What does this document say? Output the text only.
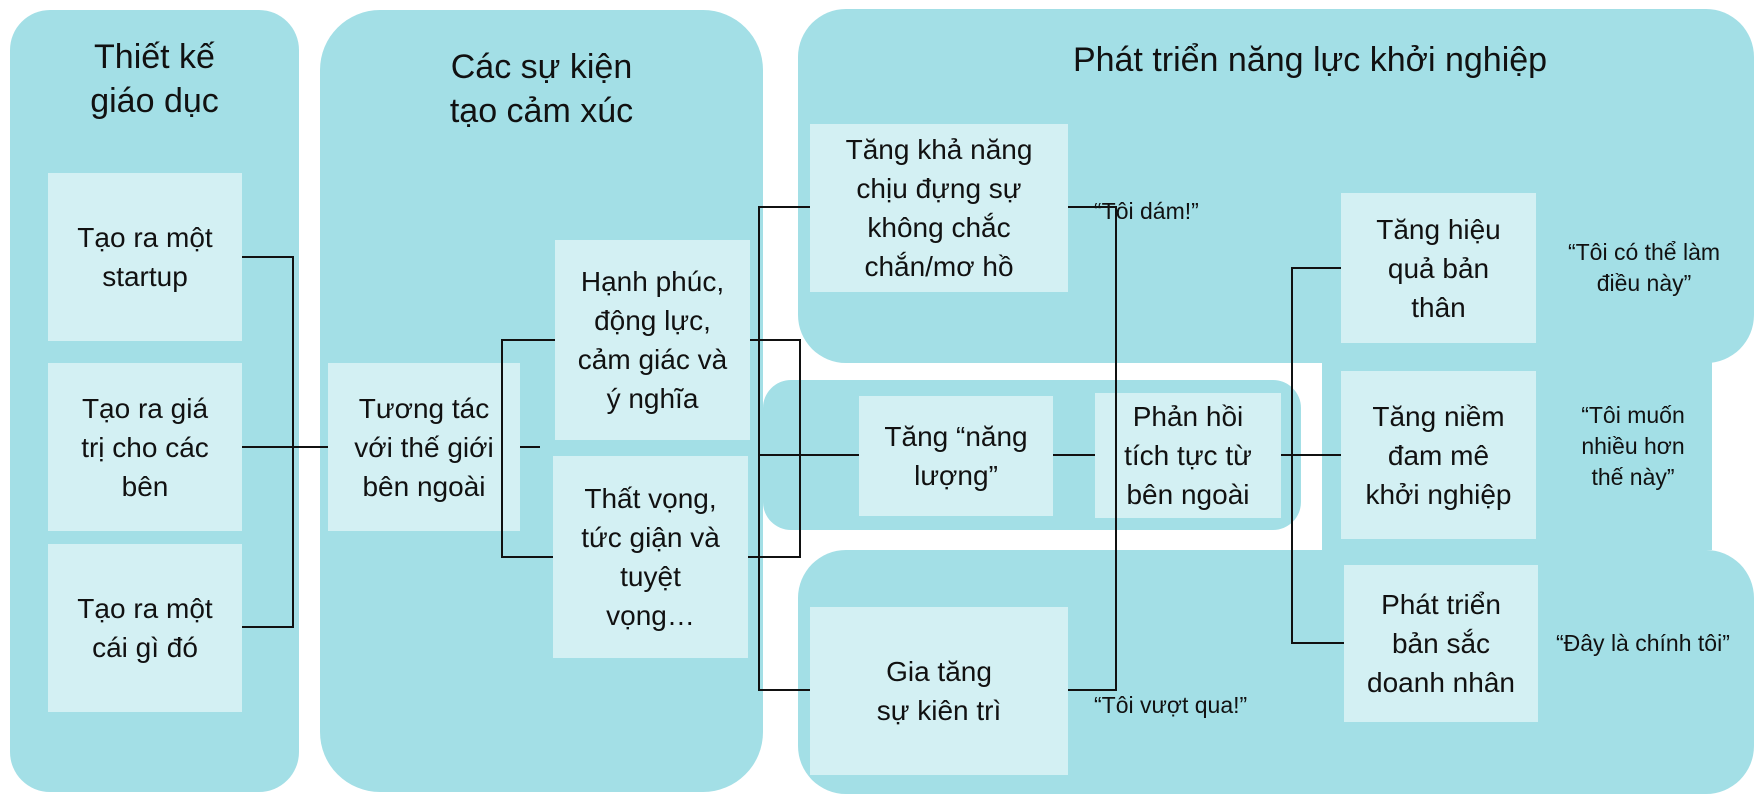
Thiết kế
giáo dục
Các sự kiện
tạo cảm xúc
Phát triển năng lực khởi nghiệp
Tạo ra một
startup
Tạo ra giá
trị cho các
bên
Tạo ra một
cái gì đó
Tương tác
với thế giới
bên ngoài
Hạnh phúc,
động lực,
cảm giác và
ý nghĩa
Thất vọng,
tức giận và
tuyệt
vọng…
Tăng khả năng
chịu đựng sự
không chắc
chắn/mơ hồ
Tăng “năng
lượng”
Phản hồi
tích tực từ
bên ngoài
Gia tăng
sự kiên trì
Tăng hiệu
quả bản
thân
Tăng niềm
đam mê
khởi nghiệp
Phát triển
bản sắc
doanh nhân
“Tôi dám!”
“Tôi vượt qua!”
“Tôi có thể làm
điều này”
“Tôi muốn
nhiều hơn
thế này”
“Đây là chính tôi”
